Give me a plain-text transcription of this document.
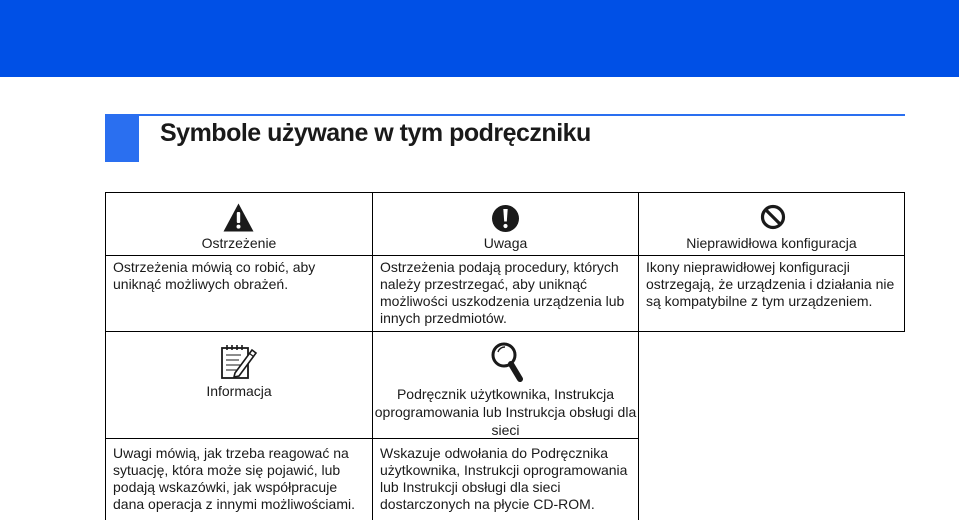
Symbole używane w tym podręczniku
Ostrzeżenie
Ostrzeżenia mówią co robić, aby uniknąć możliwych obrażeń.
Uwaga
Ostrzeżenia podają procedury, których należy przestrzegać, aby uniknąć możliwości uszkodzenia urządzenia lub innych przedmiotów.
Nieprawidłowa konfiguracja
Ikony nieprawidłowej konfiguracji ostrzegają, że urządzenia i działania nie są kompatybilne z tym urządzeniem.
Informacja
Uwagi mówią, jak trzeba reagować na sytuację, która może się pojawić, lub podają wskazówki, jak współpracuje dana operacja z innymi możliwościami.
Podręcznik użytkownika, Instrukcja oprogramowania lub Instrukcja obsługi dla sieci
Wskazuje odwołania do Podręcznika użytkownika, Instrukcji oprogramowania lub Instrukcji obsługi dla sieci dostarczonych na płycie CD-ROM.
